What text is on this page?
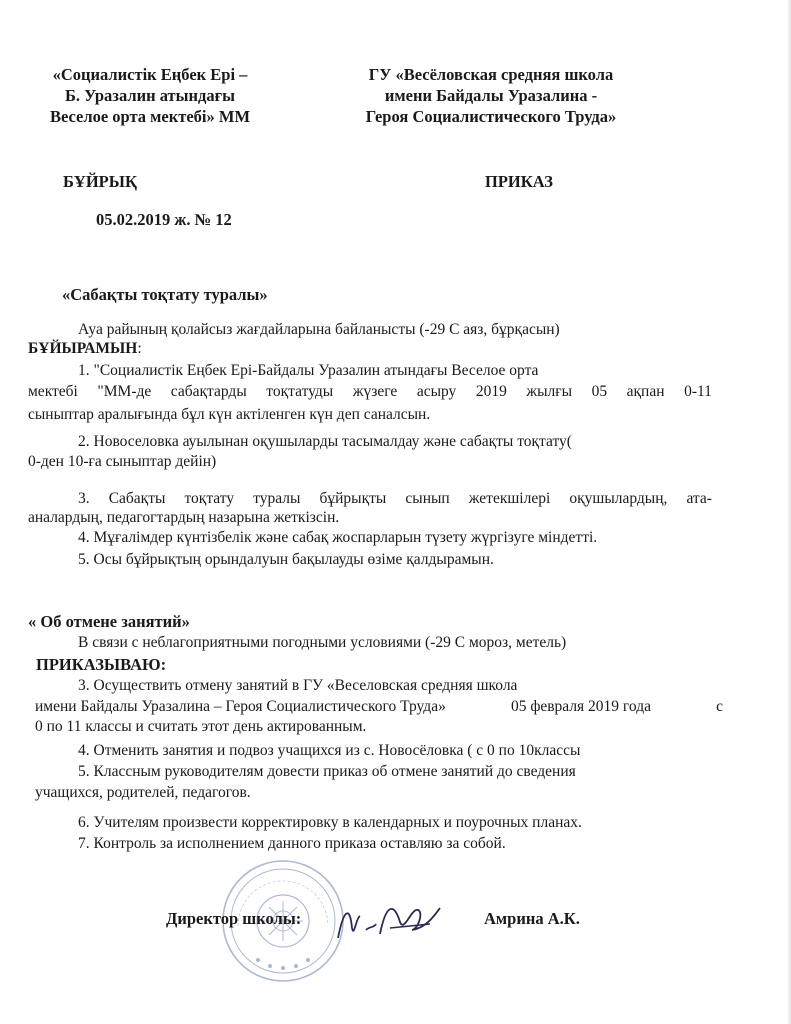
«Социалистік Еңбек Ері –
Б. Уразалин атындағы
Веселое орта мектебі» ММ
ГУ «Весёловская средняя школа
имени Байдалы Уразалина -
Героя Социалистического Труда»
БҰЙРЫҚ	ПРИКАЗ
05.02.2019 ж. № 12
«Сабақты тоқтату туралы»
Ауа райының қолайсыз жағдайларына байланысты (-29 С аяз, бұрқасын)
БҰЙЫРАМЫН:
1. "Социалистік Еңбек Ері-Байдалы Уразалин атындағы Веселое орта
мектебі "ММ-де сабақтарды тоқтатуды жүзеге асыру 2019 жылғы 05 ақпан 0-11
сыныптар аралығында бұл күн актіленген күн деп саналсын.
2. Новоселовка ауылынан оқушыларды тасымалдау және сабақты тоқтату(
0-ден 10-ға сыныптар дейін)
3. Сабақты тоқтату туралы бұйрықты сынып жетекшілері оқушылардың, ата-
аналардың, педагогтардың назарына жеткізсін.
4. Мұғалімдер күнтізбелік және сабақ жоспарларын түзету жүргізуге міндетті.
5. Осы бұйрықтың орындалуын бақылауды өзіме қалдырамын.
« Об отмене занятий»
В связи с неблагоприятными погодными условиями (-29 С мороз, метель)
ПРИКАЗЫВАЮ:
3. Осуществить отмену занятий в ГУ «Веселовская средняя школа
имени Байдалы Уразалина – Героя Социалистического Труда»	05 февраля 2019 года	с
0 по 11 классы и считать этот день актированным.
4. Отменить занятия и подвоз учащихся из с. Новосёловка ( с 0 по 10классы
5. Классным руководителям довести приказ об отмене занятий до сведения
учащихся, родителей, педагогов.
6. Учителям произвести корректировку в календарных и поурочных планах.
7. Контроль за исполнением данного приказа оставляю за собой.
Директор школы:	Амрина А.К.
